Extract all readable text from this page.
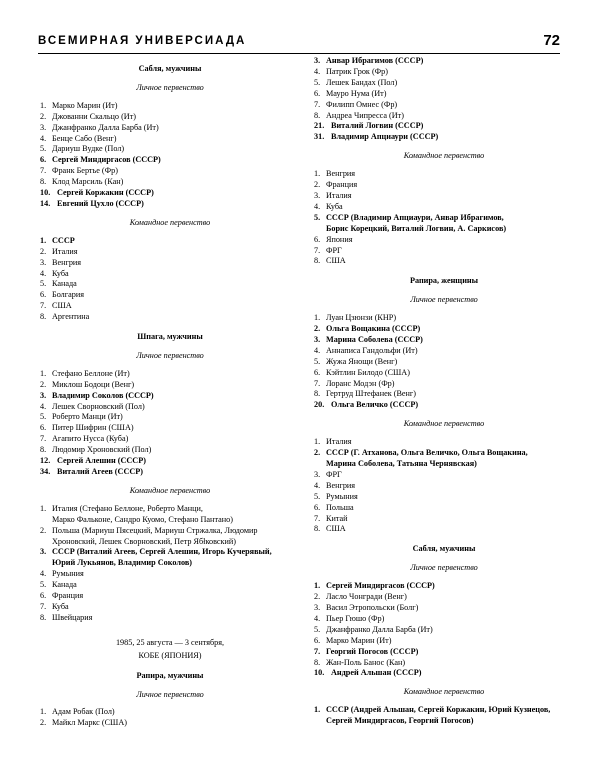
ВСЕМИРНАЯ УНИВЕРСИАДА	72
Сабля, мужчины
Личное первенство
1. Марко Марин (Ит)
2. Джованни Скальцо (Ит)
3. Джанфранко Далла Барба (Ит)
4. Бенце Сабо (Венг)
5. Дариуш Вудке (Пол)
6. Сергей Миндиргасов (СССР)
7. Франк Бертье (Фр)
8. Клод Марсиль (Кан)
10. Сергей Коржакин (СССР)
14. Евгений Цухло (СССР)
Командное первенство
1. СССР
2. Италия
3. Венгрия
4. Куба
5. Канада
6. Болгария
7. США
8. Аргентина
Шпага, мужчины
Личное первенство
1. Стефано Беллоне (Ит)
2. Миклош Бодоци (Венг)
3. Владимир Соколов (СССР)
4. Лешек Сворновский (Пол)
5. Роберто Манци (Ит)
6. Питер Шифрин (США)
7. Агапито Нусса (Куба)
8. Людомир Хроновский (Пол)
12. Сергей Алешин (СССР)
34. Виталий Агеев (СССР)
Командное первенство
1. Италия (Стефано Беллоне, Роберто Манци,
Марко Фальконе, Сандро Куомо, Стефано Пантано)
2. Польша (Мариуш Пясецкий, Мариуш Стржалка, Людомир
Хроновский, Лешек Сворновский, Петр Ябłковский)
3. СССР (Виталий Агеев, Сергей Алешин, Игорь Кучерявый,
Юрий Лукьянов, Владимир Соколов)
4. Румыния
5. Канада
6. Франция
7. Куба
8. Швейцария
1985, 25 августа — 3 сентября,
КОБЕ (ЯПОНИЯ)
Рапира, мужчины
Личное первенство
1. Адам Робак (Пол)
2. Майкл Маркс (США)
3. Анвар Ибрагимов (СССР)
4. Патрик Грок (Фр)
5. Лешек Бандах (Пол)
6. Мауро Нума (Ит)
7. Филипп Омнес (Фр)
8. Андреа Чипресса (Ит)
21. Виталий Логвин (СССР)
31. Владимир Апциаури (СССР)
Командное первенство
1. Венгрия
2. Франция
3. Италия
4. Куба
5. СССР (Владимир Апциаури, Анвар Ибрагимов,
Борис Корецкий, Виталий Логвин, А. Саркисов)
6. Япония
7. ФРГ
8. США
Рапира, женщины
Личное первенство
1. Луан Цзюнзи (КНР)
2. Ольга Вощакина (СССР)
3. Марина Соболева (СССР)
4. Аннаписа Гандольфи (Ит)
5. Жужа Янощи (Венг)
6. Кэйтлин Билодо (США)
7. Лоранс Модэн (Фр)
8. Гертруд Штефанек (Венг)
20. Ольга Величко (СССР)
Командное первенство
1. Италия
2. СССР (Г. Атханова, Ольга Величко, Ольга Вощакина,
Марина Соболева, Татьяна Чернявская)
3. ФРГ
4. Венгрия
5. Румыния
6. Польша
7. Китай
8. США
Сабля, мужчины
Личное первенство
1. Сергей Миндиргасов (СССР)
2. Ласло Чонгради (Венг)
3. Васил Этропольски (Болг)
4. Пьер Гюшо (Фр)
5. Джанфранко Далла Барба (Ит)
6. Марко Марин (Ит)
7. Георгий Погосов (СССР)
8. Жан-Поль Банос (Кан)
10. Андрей Альшан (СССР)
Командное первенство
1. СССР (Андрей Альшан, Сергей Коржакин, Юрий Кузнецов,
Сергей Миндиргасов, Георгий Погосов)
